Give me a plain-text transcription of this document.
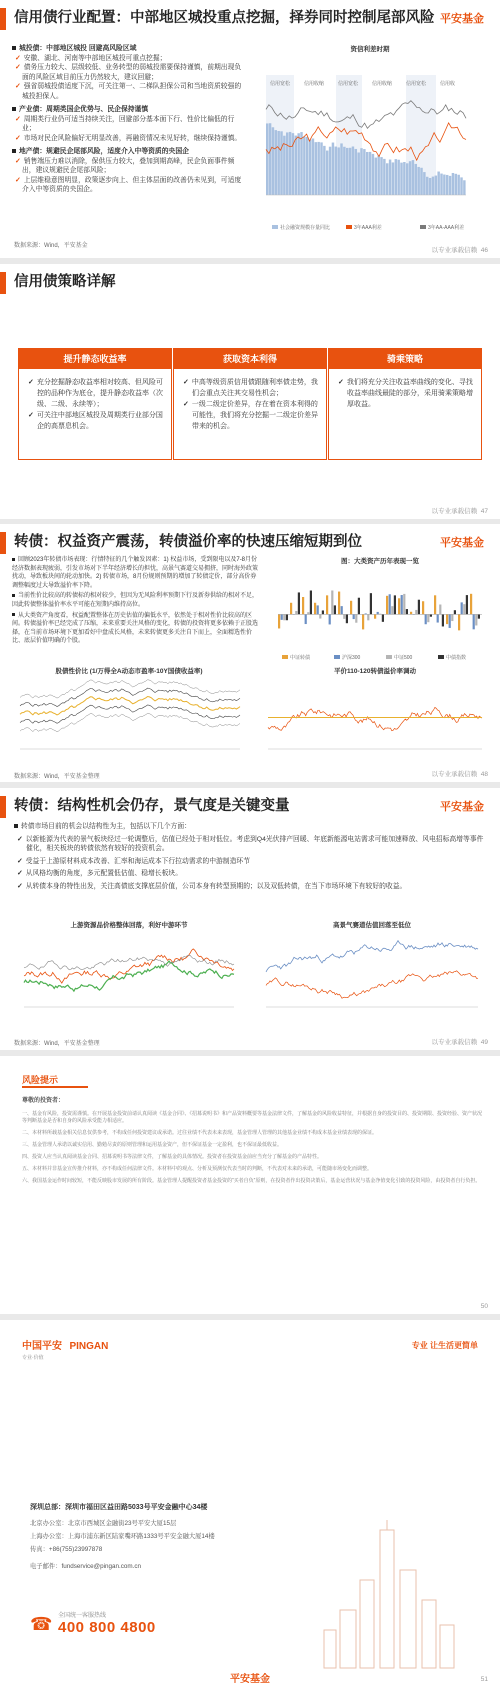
信用债行业配置：中部地区城投重点挖掘，择券同时控制尾部风险 平安基金
城投债：中部地区城投 回避高风险区域
✓ 安徽、湖北、河南等中部地区城投可重点挖掘；
✓ 债务压力较大、层级较低、业务转型的弱城投需要保持谨慎，前期出现负面的风险区域目前压力仍然较大，建议回避；
✓ 强省弱城投债适度下沉，可关注第一、二梯队担保公司和当地资质较强的城投担保人。
产业债：周期类国企优势与、民企保持谨慎
✓ 周期类行业仍可适当持续关注，回避部分基本面下行、性价比偏低的行业；
✓ 市场对民企风险偏好无明显改善，再融资情况未见好转，继续保持谨慎。
地产债：规避民企尾部风险，适度介入中等资质的央国企
✓ 销售端压力难以消除，保供压力较大，叠加到期高峰，民企负面事件频出，建议规避民企尾部风险；
✓ 上层维稳意图明显，政策逐步向上、但主体层面的改善仍未见到，可适度介入中等资质的央国企。
资信利差时期
信用宽松	信用收缩	信用宽松	信用收缩	信用宽松	信用收
社会融资规模存量同比	3年AAA利差	3年AA-AAA利差
数据来源：Wind，平安基金
以专业承载信赖 46
信用债策略详解
提升静态收益率
✓ 充分挖掘静态收益率相对较高、但风险可控的品种作为底仓，提升静态收益率（次级、二级、永续等）；
✓ 可关注中部地区城投及周期类行业部分国企的高票息机会。
获取资本利得
✓ 中高等级资质信用债跟随利率债走势，我们会重点关注其交易性机会；
✓ 一级二级定价差异，存在着在资本利得的可能性，我们将充分挖掘一二级定价差异带来的机会。
骑乘策略
✓ 我们将充分关注收益率曲线的变化、寻找收益率曲线最陡的部分，采用骑乘策略增厚收益。
以专业承载信赖 47
转债：权益资产震荡，转债溢价率的快速压缩短期到位	平安基金
回顾2023年转债市场表现：行情特征的几个触发因素：1) 权益市场，受到限电以及7-8月份经济数据表现疲弱，引发市场对下半年经济增长的担忧，高景气赛道交易拥挤，同时海外政策扰动，导致板块间的轮动加快。2) 转债市场，8月份规则预期的增加了转债定价，部分高价券调整幅度过大导致溢价率下降。
当前性价比较高的转债标的相对较少，但因为无风险利率预期下行及新券供给的相对不足，因此转债整体溢价率水平可能在短期内维持高位。
从大类资产角度看，权益配置整体在历史估值的偏低水平，依然处于相对性价比较高的区间。转债溢价率已经完成了压缩，未来重要关注风格的变化，转债的投资将更多依赖于正股选择，在当前市场环境下更加看好中盘成长风格，未来转债更多关注自下而上，全面精选性价比、底层价值明确的个股。
图：大类资产历年表现一览
中证转债	沪深300	中证500	中债指数
股债性价比 (1/万得全A动态市盈率-10Y国债收益率)	平价110-120转债溢价率调动
数据来源：Wind，平安基金整理	以专业承载信赖 48
转债：结构性机会仍存，景气度是关键变量	平安基金
转债市场目前的机会以结构性为主，包括以下几个方面：
✓ 以新能源为代表的景气板块经过一轮调整后，估值已经处于相对低位。考虑到Q4光伏排产回暖、年底新能源电站需求可能加速释放、风电招标高增等事件催化，相关板块的转债依然有较好的投资机会。
✓ 受益于上游原材料成本改善、汇率和海运成本下行拉动需求的中游制造环节
✓ 从风格均衡的角度，多元配置低估值、稳增长板块。
✓ 从转债本身的特性出发，关注高债底支撑底层价值，公司本身有转型预期的；以及双低转债，在当下市场环境下有较好的收益。
上游资源品价格整体回落，利好中游环节	高景气赛道估值回落至低位
数据来源：Wind，平安基金整理	以专业承载信赖 49
风险提示
尊敬的投资者：
一、基金有风险，投资需谨慎。在开展基金投资前请认真阅读《基金合同》、《招募说明书》和产品资料概要等基金法律文件，了解基金的风险收益特征，并根据自身的投资目的、投资期限、投资经验、资产状况等判断基金是否和自身的风险承受能力相适应。
二、本材料所载基金相关信息仅供参考，不构成任何投资建议或承诺。过往业绩不代表未来表现，基金管理人管理的其他基金业绩不构成本基金业绩表现的保证。
三、基金管理人承诺以诚实信用、勤勉尽责的原则管理和运用基金资产，但不保证基金一定盈利，也不保证最低收益。
四、投资人应当认真阅读基金合同、招募说明书等法律文件，了解基金的具体情况。投资者在投资基金前应当充分了解基金的产品特性。
五、本材料并非基金宣传推介材料，亦不构成任何法律文件。本材料中的观点、分析及预测仅代表当时的判断，不代表对未来的承诺，可能随市场变化而调整。
六、我国基金运作时间较短，不能反映股市发展的所有阶段。基金管理人提醒投资者基金投资的“买者自负”原则，在投资者作出投资决策后，基金运营状况与基金净值变化引致的投资风险，由投资者自行负担。
50
中国平安 PINGAN
专业·价值
专业 让生活更简单
深圳总部：深圳市福田区益田路5033号平安金融中心34楼
北京办公室：北京市西城区金融街23号平安大厦15层
上海办公室：上海市浦东新区陆家嘴环路1333号平安金融大厦14楼
传真：+86(755)23997878
电子邮件：fundservice@pingan.com.cn
☎ 全国统一客服热线
400 800 4800
平安基金	51
